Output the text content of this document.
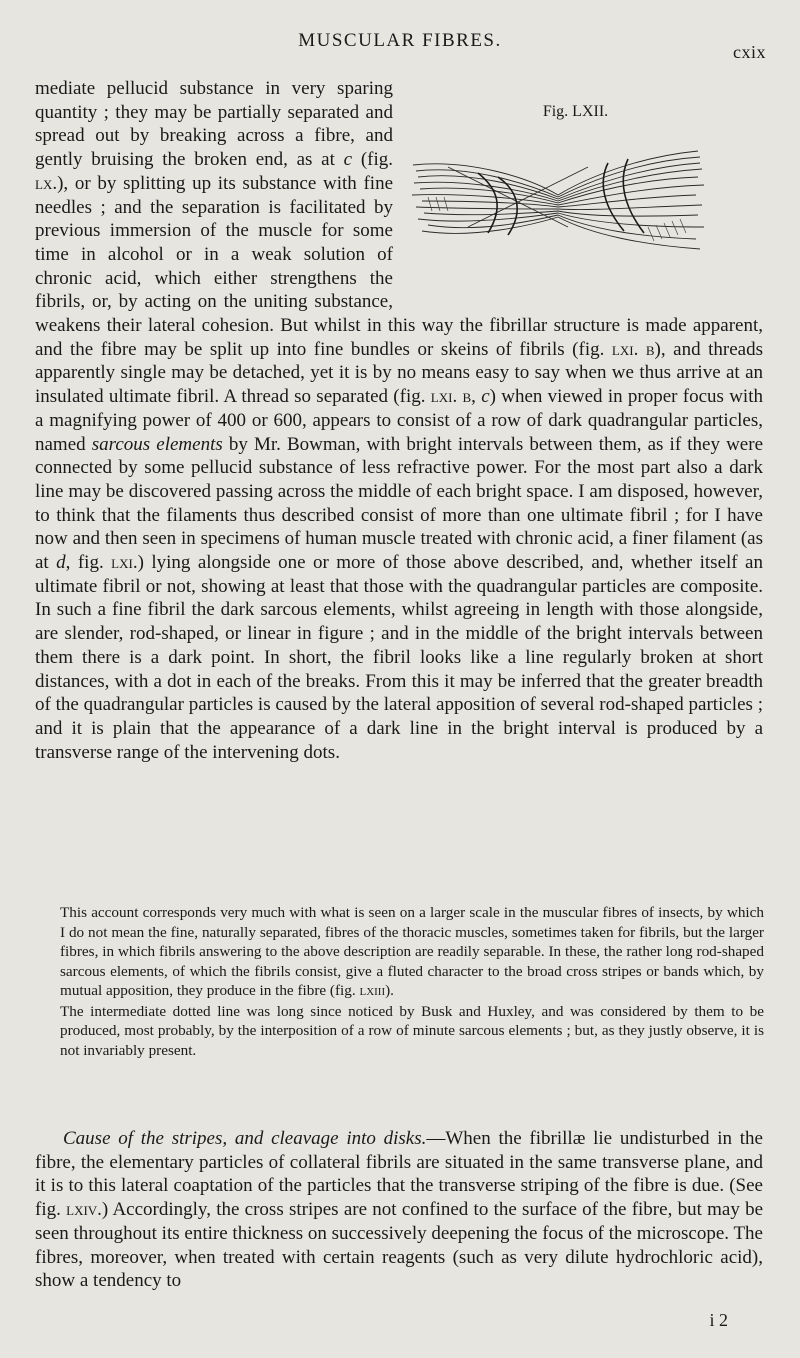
MUSCULAR FIBRES.
cxix
Fig. LXII.

mediate pellucid substance in very sparing quantity ; they may be partially separated and spread out by breaking across a fibre, and gently bruising the broken end, as at c (fig. lx.), or by splitting up its substance with fine needles ; and the separation is facilitated by previous immersion of the muscle for some time in alcohol or in a weak solution of chronic acid, which either strengthens the fibrils, or, by acting on the uniting substance, weakens their lateral cohesion. But whilst in this way the fibrillar structure is made apparent, and the fibre may be split up into fine bundles or skeins of fibrils (fig. lxi. b), and threads apparently single may be detached, yet it is by no means easy to say when we thus arrive at an insulated ultimate fibril. A thread so separated (fig. lxi. b, c) when viewed in proper focus with a magnifying power of 400 or 600, appears to consist of a row of dark quadrangular particles, named sarcous elements by Mr. Bowman, with bright intervals between them, as if they were connected by some pellucid substance of less refractive power. For the most part also a dark line may be discovered passing across the middle of each bright space. I am disposed, however, to think that the filaments thus described consist of more than one ultimate fibril ; for I have now and then seen in specimens of human muscle treated with chronic acid, a finer filament (as at d, fig. lxi.) lying alongside one or more of those above described, and, whether itself an ultimate fibril or not, showing at least that those with the quadrangular particles are composite. In such a fine fibril the dark sarcous elements, whilst agreeing in length with those alongside, are slender, rod-shaped, or linear in figure ; and in the middle of the bright intervals between them there is a dark point. In short, the fibril looks like a line regularly broken at short distances, with a dot in each of the breaks. From this it may be inferred that the greater breadth of the quadrangular particles is caused by the lateral apposition of several rod-shaped particles ; and it is plain that the appearance of a dark line in the bright interval is produced by a transverse range of the intervening dots.

This account corresponds very much with what is seen on a larger scale in the muscular fibres of insects, by which I do not mean the fine, naturally separated, fibres of the thoracic muscles, sometimes taken for fibrils, but the larger fibres, in which fibrils answering to the above description are readily separable. In these, the rather long rod-shaped sarcous elements, of which the fibrils consist, give a fluted character to the broad cross stripes or bands which, by mutual apposition, they produce in the fibre (fig. lxiii).

The intermediate dotted line was long since noticed by Busk and Huxley, and was considered by them to be produced, most probably, by the interposition of a row of minute sarcous elements ; but, as they justly observe, it is not invariably present.

Cause of the stripes, and cleavage into disks.—When the fibrillæ lie undisturbed in the fibre, the elementary particles of collateral fibrils are situated in the same transverse plane, and it is to this lateral coaptation of the particles that the transverse striping of the fibre is due. (See fig. lxiv.) Accordingly, the cross stripes are not confined to the surface of the fibre, but may be seen throughout its entire thickness on successively deepening the focus of the microscope. The fibres, moreover, when treated with certain reagents (such as very dilute hydrochloric acid), show a tendency to

i 2
